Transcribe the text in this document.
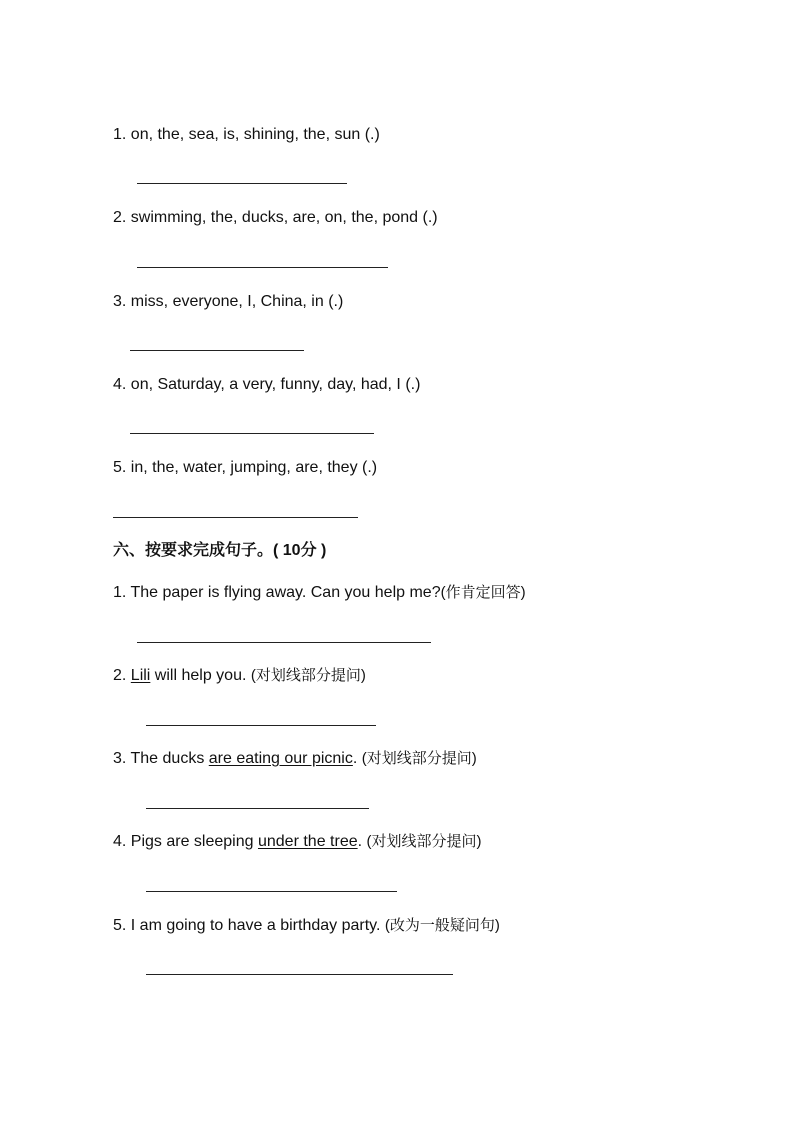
1. on, the, sea, is, shining, the, sun (.)
2. swimming, the, ducks, are, on, the, pond (.)
3. miss, everyone, I, China, in (.)
4. on, Saturday, a very, funny, day, had, I (.)
5. in, the, water, jumping, are, they (.)
六、按要求完成句子。( 10分 )
1. The paper is flying away. Can you help me?(作肯定回答)
2. Lili will help you. (对划线部分提问)
3. The ducks are eating our picnic. (对划线部分提问)
4. Pigs are sleeping under the tree. (对划线部分提问)
5. I am going to have a birthday party. (改为一般疑问句)
